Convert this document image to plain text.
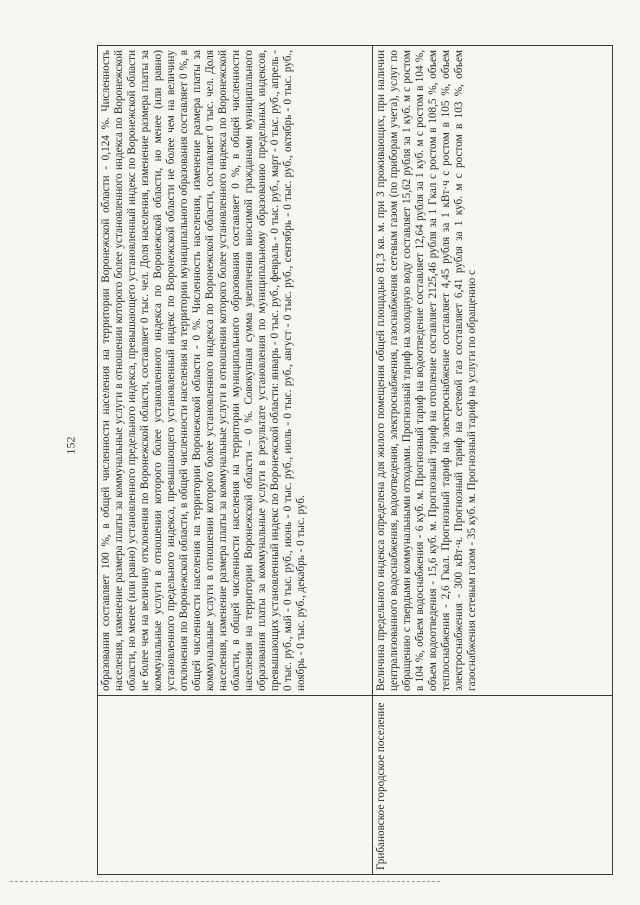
152

	образования составляет 100 %, в общей численности населения на территории Воронежской области - 0,124 %. Численность населения, изменение размера платы за коммунальные услуги в отношении которого более установленного индекса по Воронежской области, но менее (или равно) установленного предельного индекса, превышающего установленный индекс по Воронежской области не более чем на величину отклонения по Воронежской области, составляет 0 тыс. чел. Доля населения, изменение размера платы за коммунальные услуги в отношении которого более установленного индекса по Воронежской области, но менее (или равно) установленного предельного индекса, превышающего установленный индекс по Воронежской области не более чем на величину отклонения по Воронежской области, в общей численности населения на территории муниципального образования составляет 0 %, в общей численности населения на территории Воронежской области - 0 %. Численность населения, изменение размера платы за коммунальные услуги в отношении которого более установленного индекса по Воронежской области, составляет 0 тыс. чел. Доля населения, изменение размера платы за коммунальные услуги в отношении которого более установленного индекса по Воронежской области, в общей численности населения на территории муниципального образования составляет 0 %, в общей численности населения на территории Воронежской области – 0 %. Совокупная сумма увеличения вносимой гражданами муниципального образования платы за коммунальные услуги в результате установления по муниципальному образованию предельных индексов, превышающих установленный индекс по Воронежской области: январь - 0 тыс. руб., февраль - 0 тыс. руб., март - 0 тыс. руб., апрель - 0 тыс. руб., май - 0 тыс. руб., июнь - 0 тыс. руб., июль - 0 тыс. руб., август - 0 тыс. руб., сентябрь - 0 тыс. руб., октябрь - 0 тыс. руб., ноябрь - 0 тыс. руб., декабрь - 0 тыс. руб.

Грибановское городское поселение	Величина предельного индекса определена для жилого помещения общей площадью 81,3 кв. м. при 3 проживающих, при наличии централизованного водоснабжения, водоотведения, электроснабжения, газоснабжения сетевым газом (по приборам учета), услуг по обращению с твердыми коммунальными отходами. Прогнозный тариф на холодную воду составляет 15,62 рубля за 1 куб. м с ростом в 104 %, объем водоснабжения - 6 куб. м. Прогнозный тариф на водоотведение составляет 12,64 рубля за 1 куб. м с ростом в 104 %, объем водоотведения - 15,6 куб. м. Прогнозный тариф на отопление составляет 2125,46 рубля за 1 Гкал с ростом в 108,5 %, объем теплоснабжения - 2,6 Гкал. Прогнозный тариф на электроснабжение составляет 4,45 рубля за 1 кВт·ч с ростом в 105 %, объем электроснабжения - 300 кВт·ч. Прогнозный тариф на сетевой газ составляет 6,41 рубля за 1 куб. м с ростом в 103 %, объем газоснабжения сетевым газом - 35 куб. м. Прогнозный тариф на услуги по обращению с
